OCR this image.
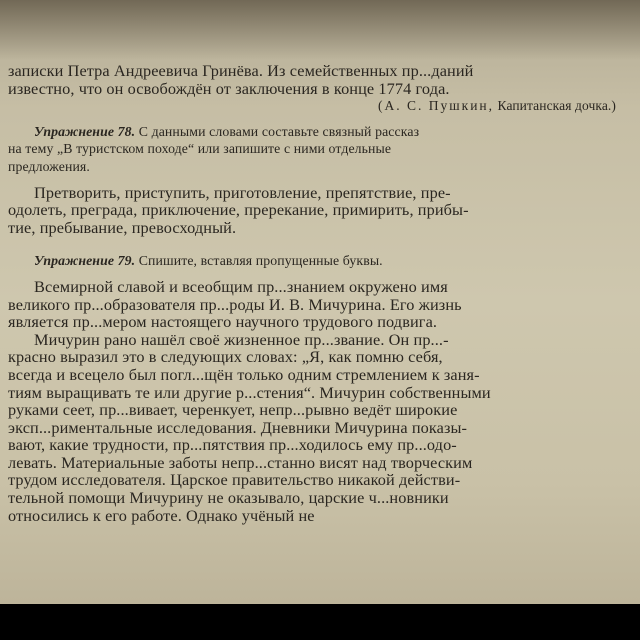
записки Петра Андреевича Гринёва. Из семейственных пр...даний
известно, что он освобождён от заключения в конце 1774 года.
(А. С. Пушкин, Капитанская дочка.)
Упражнение 78. С данными словами составьте связный рассказ
на тему „В туристском походе“ или запишите с ними отдельные
предложения.
Претворить, приступить, приготовление, препятствие, пре-
одолеть, преграда, приключение, пререкание, примирить, прибы-
тие, пребывание, превосходный.
Упражнение 79. Спишите, вставляя пропущенные буквы.
Всемирной славой и всеобщим пр...знанием окружено имя
великого пр...образователя пр...роды И. В. Мичурина. Его жизнь
является пр...мером настоящего научного трудового подвига.
Мичурин рано нашёл своё жизненное пр...звание. Он пр...-
красно выразил это в следующих словах: „Я, как помню себя,
всегда и всецело был погл...щён только одним стремлением к заня-
тиям выращивать те или другие р...стения“. Мичурин собственными
руками сеет, пр...вивает, черенкует, непр...рывно ведёт широкие
эксп...риментальные исследования. Дневники Мичурина показы-
вают, какие трудности, пр...пятствия пр...ходилось ему пр...одо-
левать. Материальные заботы непр...станно висят над творческим
трудом исследователя. Царское правительство никакой действи-
тельной помощи Мичурину не оказывало, царские ч...новники
относились к его работе. Однако учёный не
